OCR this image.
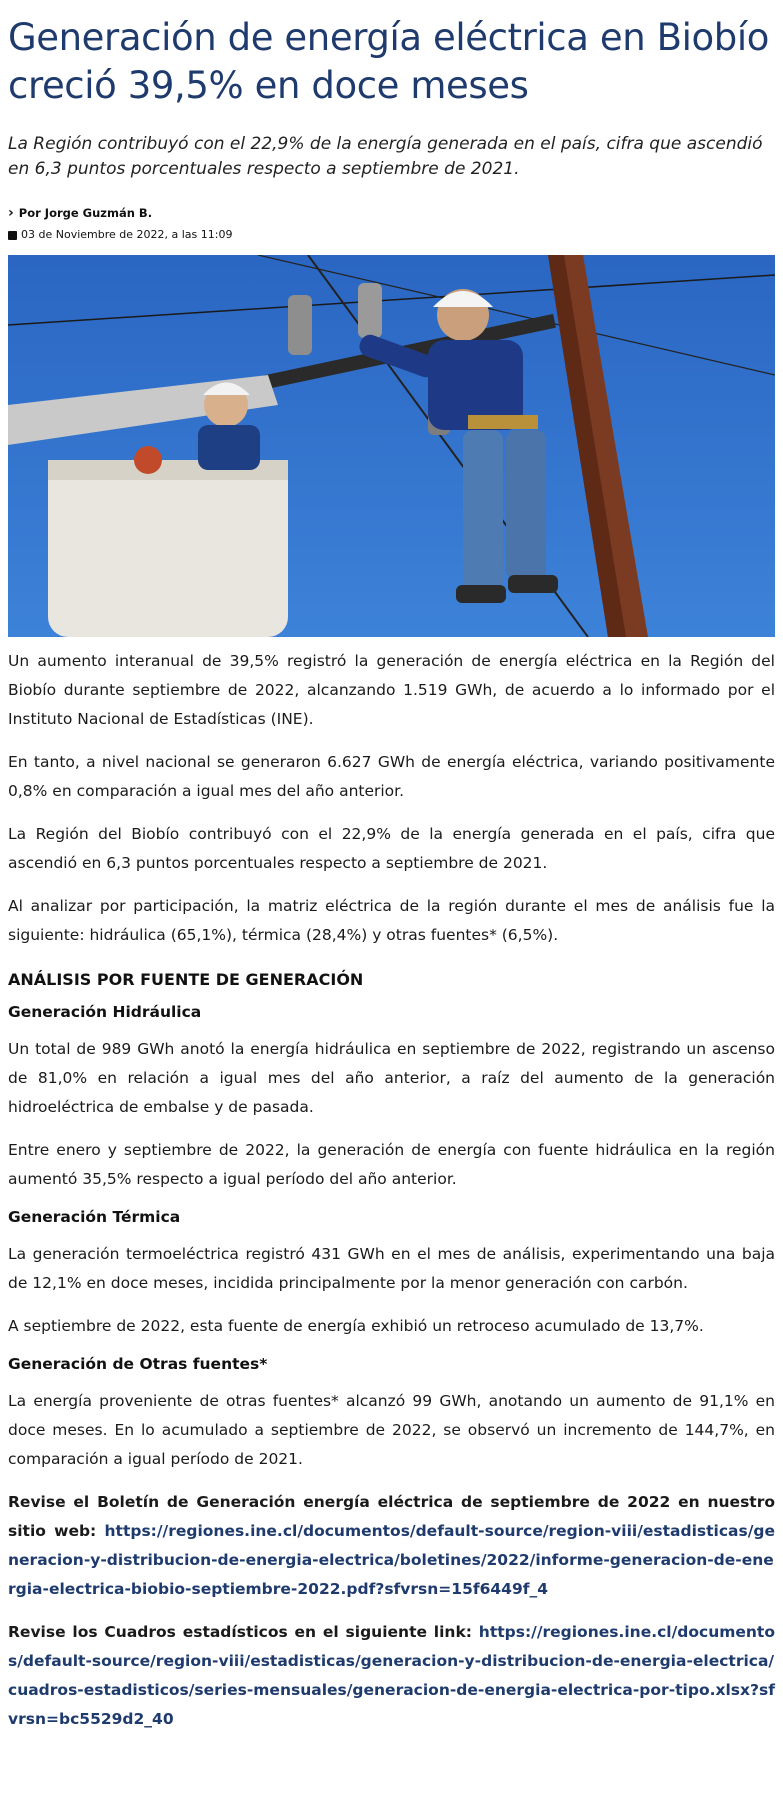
Generación de energía eléctrica en Biobío creció 39,5% en doce meses

La Región contribuyó con el 22,9% de la energía generada en el país, cifra que ascendió en 6,3 puntos porcentuales respecto a septiembre de 2021.

› Por Jorge Guzmán B.
03 de Noviembre de 2022, a las 11:09

Un aumento interanual de 39,5% registró la generación de energía eléctrica en la Región del Biobío durante septiembre de 2022, alcanzando 1.519 GWh, de acuerdo a lo informado por el Instituto Nacional de Estadísticas (INE).

En tanto, a nivel nacional se generaron 6.627 GWh de energía eléctrica, variando positivamente 0,8% en comparación a igual mes del año anterior.

La Región del Biobío contribuyó con el 22,9% de la energía generada en el país, cifra que ascendió en 6,3 puntos porcentuales respecto a septiembre de 2021.

Al analizar por participación, la matriz eléctrica de la región durante el mes de análisis fue la siguiente: hidráulica (65,1%), térmica (28,4%) y otras fuentes* (6,5%).

ANÁLISIS POR FUENTE DE GENERACIÓN
Generación Hidráulica

Un total de 989 GWh anotó la energía hidráulica en septiembre de 2022, registrando un ascenso de 81,0% en relación a igual mes del año anterior, a raíz del aumento de la generación hidroeléctrica de embalse y de pasada.

Entre enero y septiembre de 2022, la generación de energía con fuente hidráulica en la región aumentó 35,5% respecto a igual período del año anterior.

Generación Térmica

La generación termoeléctrica registró 431 GWh en el mes de análisis, experimentando una baja de 12,1% en doce meses, incidida principalmente por la menor generación con carbón.

A septiembre de 2022, esta fuente de energía exhibió un retroceso acumulado de 13,7%.

Generación de Otras fuentes*

La energía proveniente de otras fuentes* alcanzó 99 GWh, anotando un aumento de 91,1% en doce meses. En lo acumulado a septiembre de 2022, se observó un incremento de 144,7%, en comparación a igual período de 2021.

Revise el Boletín de Generación energía eléctrica de septiembre de 2022 en nuestro sitio web: https://regiones.ine.cl/documentos/default-source/region-viii/estadisticas/generacion-y-distribucion-de-energia-electrica/boletines/2022/informe-generacion-de-energia-electrica-biobio-septiembre-2022.pdf?sfvrsn=15f6449f_4

Revise los Cuadros estadísticos en el siguiente link: https://regiones.ine.cl/documentos/default-source/region-viii/estadisticas/generacion-y-distribucion-de-energia-electrica/cuadros-estadisticos/series-mensuales/generacion-de-energia-electrica-por-tipo.xlsx?sfvrsn=bc5529d2_40
